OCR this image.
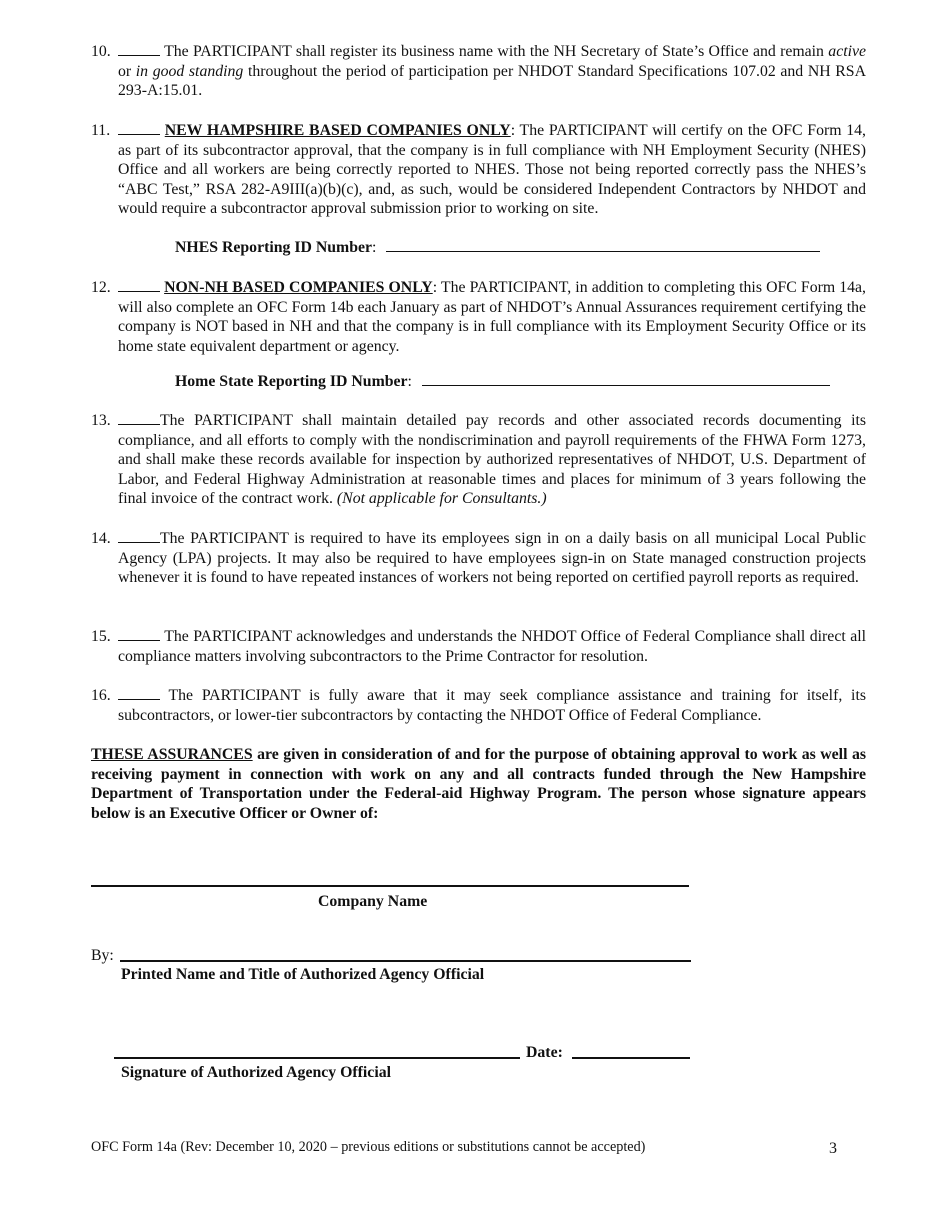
10.	The PARTICIPANT shall register its business name with the NH Secretary of State’s Office and remain active or in good standing throughout the period of participation per NHDOT Standard Specifications 107.02 and NH RSA 293-A:15.01.
11.	NEW HAMPSHIRE BASED COMPANIES ONLY: The PARTICIPANT will certify on the OFC Form 14, as part of its subcontractor approval, that the company is in full compliance with NH Employment Security (NHES) Office and all workers are being correctly reported to NHES. Those not being reported correctly pass the NHES’s “ABC Test,” RSA 282-A9III(a)(b)(c), and, as such, would be considered Independent Contractors by NHDOT and would require a subcontractor approval submission prior to working on site.
NHES Reporting ID Number:
12.	NON-NH BASED COMPANIES ONLY: The PARTICIPANT, in addition to completing this OFC Form 14a, will also complete an OFC Form 14b each January as part of NHDOT’s Annual Assurances requirement certifying the company is NOT based in NH and that the company is in full compliance with its Employment Security Office or its home state equivalent department or agency.
Home State Reporting ID Number:
13.	The PARTICIPANT shall maintain detailed pay records and other associated records documenting its compliance, and all efforts to comply with the nondiscrimination and payroll requirements of the FHWA Form 1273, and shall make these records available for inspection by authorized representatives of NHDOT, U.S. Department of Labor, and Federal Highway Administration at reasonable times and places for minimum of 3 years following the final invoice of the contract work. (Not applicable for Consultants.)
14.	The PARTICIPANT is required to have its employees sign in on a daily basis on all municipal Local Public Agency (LPA) projects. It may also be required to have employees sign-in on State managed construction projects whenever it is found to have repeated instances of workers not being reported on certified payroll reports as required.
15.	The PARTICIPANT acknowledges and understands the NHDOT Office of Federal Compliance shall direct all compliance matters involving subcontractors to the Prime Contractor for resolution.
16.	The PARTICIPANT is fully aware that it may seek compliance assistance and training for itself, its subcontractors, or lower-tier subcontractors by contacting the NHDOT Office of Federal Compliance.
THESE ASSURANCES are given in consideration of and for the purpose of obtaining approval to work as well as receiving payment in connection with work on any and all contracts funded through the New Hampshire Department of Transportation under the Federal-aid Highway Program. The person whose signature appears below is an Executive Officer or Owner of:
Company Name
By:
Printed Name and Title of Authorized Agency Official
Date:
Signature of Authorized Agency Official
OFC Form 14a (Rev: December 10, 2020 – previous editions or substitutions cannot be accepted)	3
